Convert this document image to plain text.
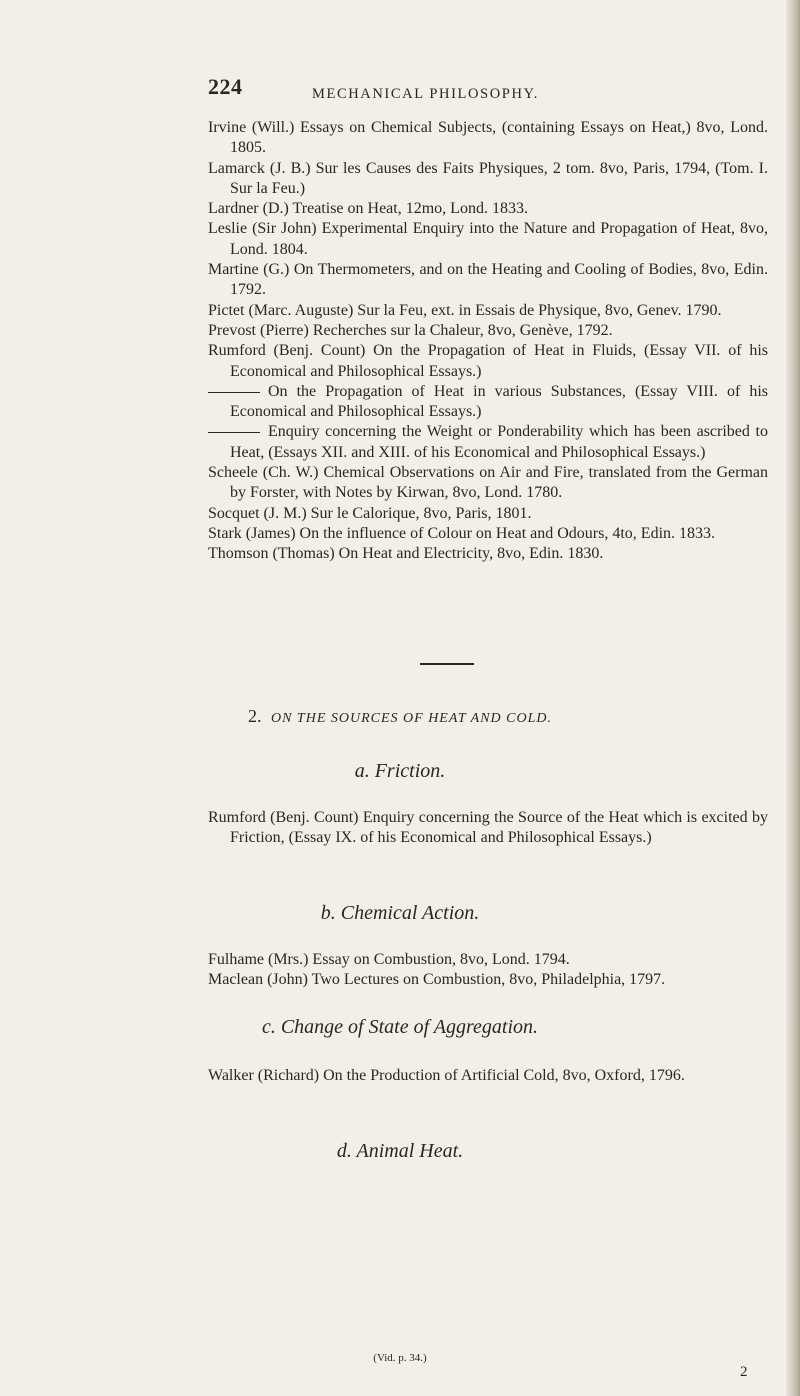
224	MECHANICAL PHILOSOPHY.

Irvine (Will.) Essays on Chemical Subjects, (containing Essays on Heat,) 8vo, Lond. 1805.

Lamarck (J. B.) Sur les Causes des Faits Physiques, 2 tom. 8vo, Paris, 1794, (Tom. I. Sur la Feu.)

Lardner (D.) Treatise on Heat, 12mo, Lond. 1833.

Leslie (Sir John) Experimental Enquiry into the Nature and Propagation of Heat, 8vo, Lond. 1804.

Martine (G.) On Thermometers, and on the Heating and Cooling of Bodies, 8vo, Edin. 1792.

Pictet (Marc. Auguste) Sur la Feu, ext. in Essais de Physique, 8vo, Genev. 1790.

Prevost (Pierre) Recherches sur la Chaleur, 8vo, Genève, 1792.

Rumford (Benj. Count) On the Propagation of Heat in Fluids, (Essay VII. of his Economical and Philosophical Essays.)

On the Propagation of Heat in various Substances, (Essay VIII. of his Economical and Philosophical Essays.)

Enquiry concerning the Weight or Ponderability which has been ascribed to Heat, (Essays XII. and XIII. of his Economical and Philosophical Essays.)

Scheele (Ch. W.) Chemical Observations on Air and Fire, translated from the German by Forster, with Notes by Kirwan, 8vo, Lond. 1780.

Socquet (J. M.) Sur le Calorique, 8vo, Paris, 1801.

Stark (James) On the influence of Colour on Heat and Odours, 4to, Edin. 1833.

Thomson (Thomas) On Heat and Electricity, 8vo, Edin. 1830.

2. ON THE SOURCES OF HEAT AND COLD.
a. Friction.

Rumford (Benj. Count) Enquiry concerning the Source of the Heat which is excited by Friction, (Essay IX. of his Economical and Philosophical Essays.)

b. Chemical Action.

Fulhame (Mrs.) Essay on Combustion, 8vo, Lond. 1794.

Maclean (John) Two Lectures on Combustion, 8vo, Philadelphia, 1797.

c. Change of State of Aggregation.

Walker (Richard) On the Production of Artificial Cold, 8vo, Oxford, 1796.

d. Animal Heat.
(Vid. p. 34.)
2
